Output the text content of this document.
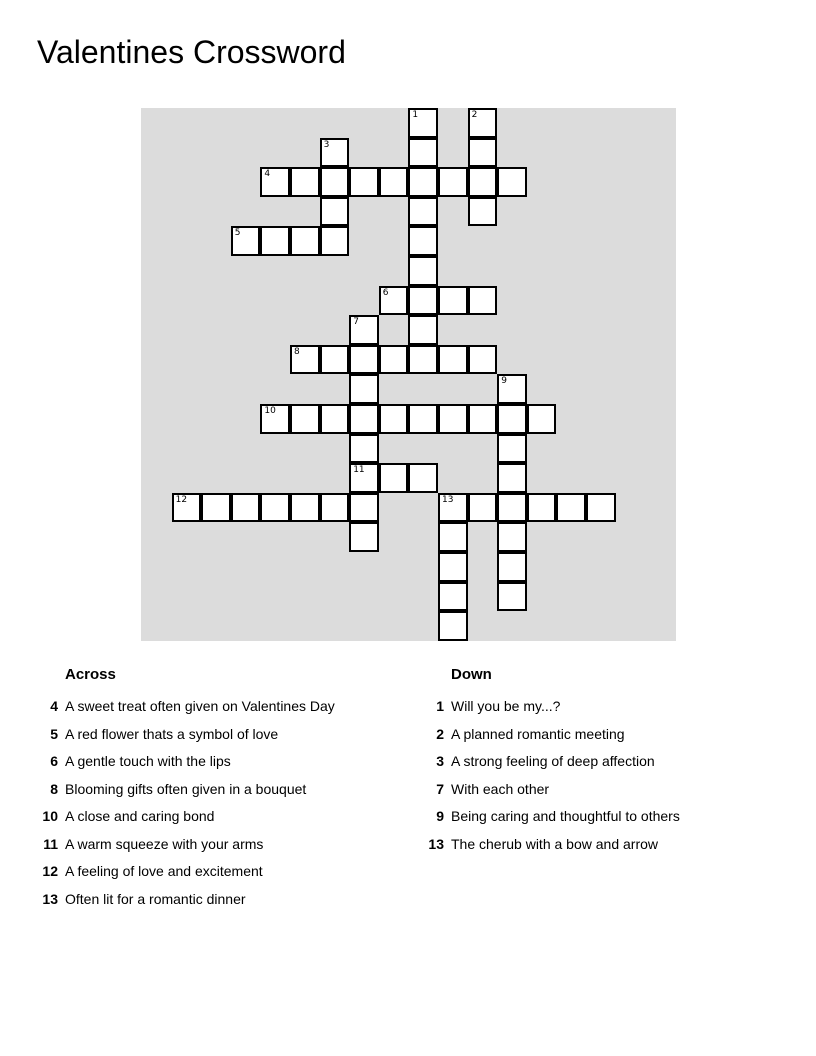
Valentines Crossword
1	2
3
4
5
6
7
8
9
10
11
12	13
Across
4 A sweet treat often given on Valentines Day
5 A red flower thats a symbol of love
6 A gentle touch with the lips
8 Blooming gifts often given in a bouquet
10 A close and caring bond
11 A warm squeeze with your arms
12 A feeling of love and excitement
13 Often lit for a romantic dinner
Down
1 Will you be my...?
2 A planned romantic meeting
3 A strong feeling of deep affection
7 With each other
9 Being caring and thoughtful to others
13 The cherub with a bow and arrow
